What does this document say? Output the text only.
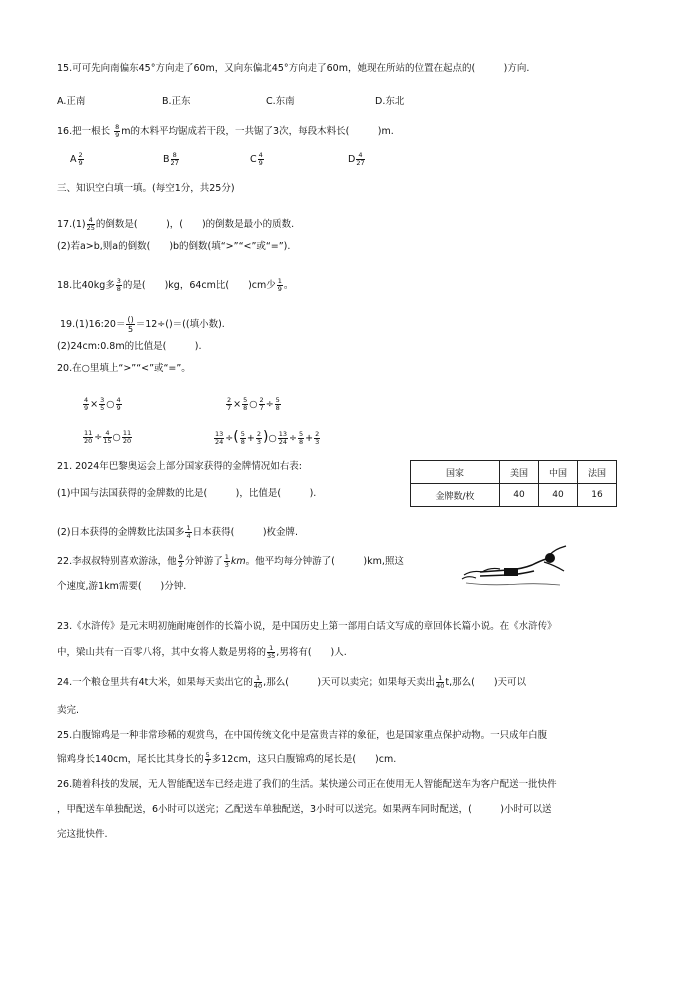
15.可可先向南偏东45°方向走了60m，又向东偏北45°方向走了60m，她现在所站的位置在起点的(　　　)方向.
A.正南	B.正东	C.东南	D.东北
16.把一根长 $\frac{8}{9}$ m的木料平均锯成若干段，一共锯了3次，每段木料长(　　　)m.
A $\frac{2}{9}$	B $\frac{8}{27}$	C $\frac{4}{9}$	D $\frac{4}{27}$
三、知识空白填一填。(每空1分，共25分)
$17.(1) \frac{4}{25}$ 的倒数是(　　　)，(　　)的倒数是最小的质数.
(2)若a>b,则a的倒数(　　)b的倒数(填“>”“<”或“=”).
18.比40kg多 $\frac{3}{8}$ 的是(　　)kg，64cm比(　　)cm少 $\frac{1}{9}$ 。
19.(1)16:20＝ ()
5 ＝12÷()＝((填小数).
(2)24cm:0.8m的比值是(　　　).
20.在○里填上“>”“<”或“=”。
$\frac{4}{9} \times \frac{3}{5}$ ○ $\frac{4}{9}$	$\frac{2}{7} \times \frac{5}{8}$ ○ $\frac{2}{7} \div \frac{5}{8}$
$\frac{11}{20} \div \frac{4}{15}$ ○ $\frac{11}{20}$	$\frac{13}{24}$ ÷( $\frac{5}{8} + \frac{2}{3}$ )○ $\frac{13}{24} \div \frac{5}{8} + \frac{2}{3}$
21. 2024年巴黎奥运会上部分国家获得的金牌情况如右表:
(1)中国与法国获得的金牌数的比是(　　　)，比值是(　　　).
国家	美国	中国	法国
金牌数/枚	40	40	16
(2)日本获得的金牌数比法国多 $\frac{1}{4}$ 日本获得(　　　)枚金牌.
22.李叔叔特别喜欢游泳，他 $\frac{9}{2}$ 分钟游了 $\frac{1}{3}$ km。他平均每分钟游了(　　　)km,照这
个速度,游1km需要(　　)分钟.
23.《水浒传》是元末明初施耐庵创作的长篇小说，是中国历史上第一部用白话文写成的章回体长篇小说。在《水浒传》
中，梁山共有一百零八将，其中女将人数是男将的 $\frac{1}{35}$ ,男将有(　　)人.
24.一个粮仓里共有4t大米，如果每天卖出它的 $\frac{1}{40}$ ,那么(　　　)天可以卖完；如果每天卖出 $\frac{1}{40} t$,那么(　　)天可以
卖完.
25.白腹锦鸡是一种非常珍稀的观赏鸟，在中国传统文化中是富贵吉祥的象征，也是国家重点保护动物。一只成年白腹
锦鸡身长140cm，尾长比其身长的 $\frac{5}{7}$ 多12cm，这只白腹锦鸡的尾长是(　　)cm.
26.随着科技的发展，无人智能配送车已经走进了我们的生活。某快递公司正在使用无人智能配送车为客户配送一批快件
，甲配送车单独配送，6小时可以送完；乙配送车单独配送，3小时可以送完。如果两车同时配送，(　　　)小时可以送
完这批快件.
